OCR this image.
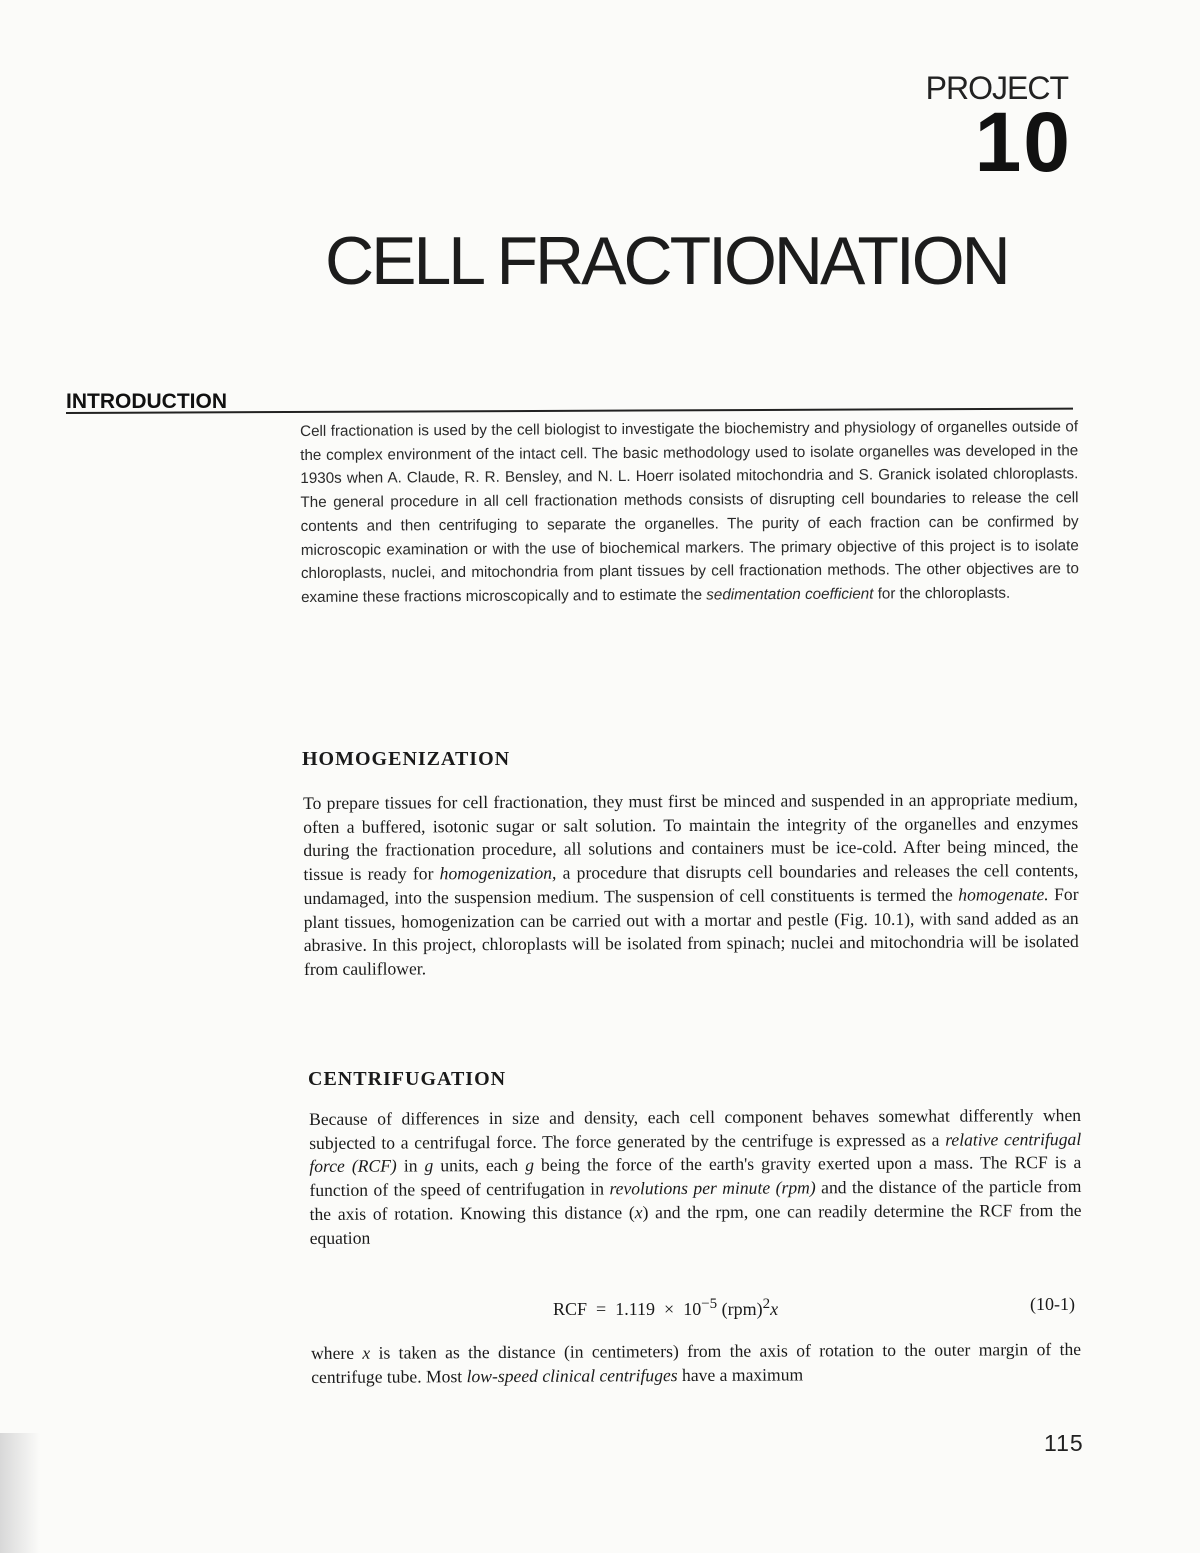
PROJECT
10
CELL FRACTIONATION
INTRODUCTION

Cell fractionation is used by the cell biologist to investigate the biochemistry and physiology of organelles outside of the complex environment of the intact cell. The basic methodology used to isolate organelles was developed in the 1930s when A. Claude, R. R. Bensley, and N. L. Hoerr isolated mitochondria and S. Granick isolated chloroplasts. The general procedure in all cell fractionation methods consists of disrupting cell boundaries to release the cell contents and then centrifuging to separate the organelles. The purity of each fraction can be confirmed by microscopic examination or with the use of biochemical markers. The primary objective of this project is to isolate chloroplasts, nuclei, and mitochondria from plant tissues by cell fractionation methods. The other objectives are to examine these fractions microscopically and to estimate the sedimentation coefficient for the chloroplasts.

HOMOGENIZATION

To prepare tissues for cell fractionation, they must first be minced and suspended in an appropriate medium, often a buffered, isotonic sugar or salt solution. To maintain the integrity of the organelles and enzymes during the fractionation procedure, all solutions and containers must be ice-cold. After being minced, the tissue is ready for homogenization, a procedure that disrupts cell boundaries and releases the cell contents, undamaged, into the suspension medium. The suspension of cell constituents is termed the homogenate. For plant tissues, homogenization can be carried out with a mortar and pestle (Fig. 10.1), with sand added as an abrasive. In this project, chloroplasts will be isolated from spinach; nuclei and mitochondria will be isolated from cauliflower.

CENTRIFUGATION

Because of differences in size and density, each cell component behaves somewhat differently when subjected to a centrifugal force. The force generated by the centrifuge is expressed as a relative centrifugal force (RCF) in g units, each g being the force of the earth's gravity exerted upon a mass. The RCF is a function of the speed of centrifugation in revolutions per minute (rpm) and the distance of the particle from the axis of rotation. Knowing this distance (x) and the rpm, one can readily determine the RCF from the equation

RCF = $1.119 \times 10^{-5}$ (rpm)$^2$x	(10-1)

where x is taken as the distance (in centimeters) from the axis of rotation to the outer margin of the centrifuge tube. Most low-speed clinical centrifuges have a maximum

115
